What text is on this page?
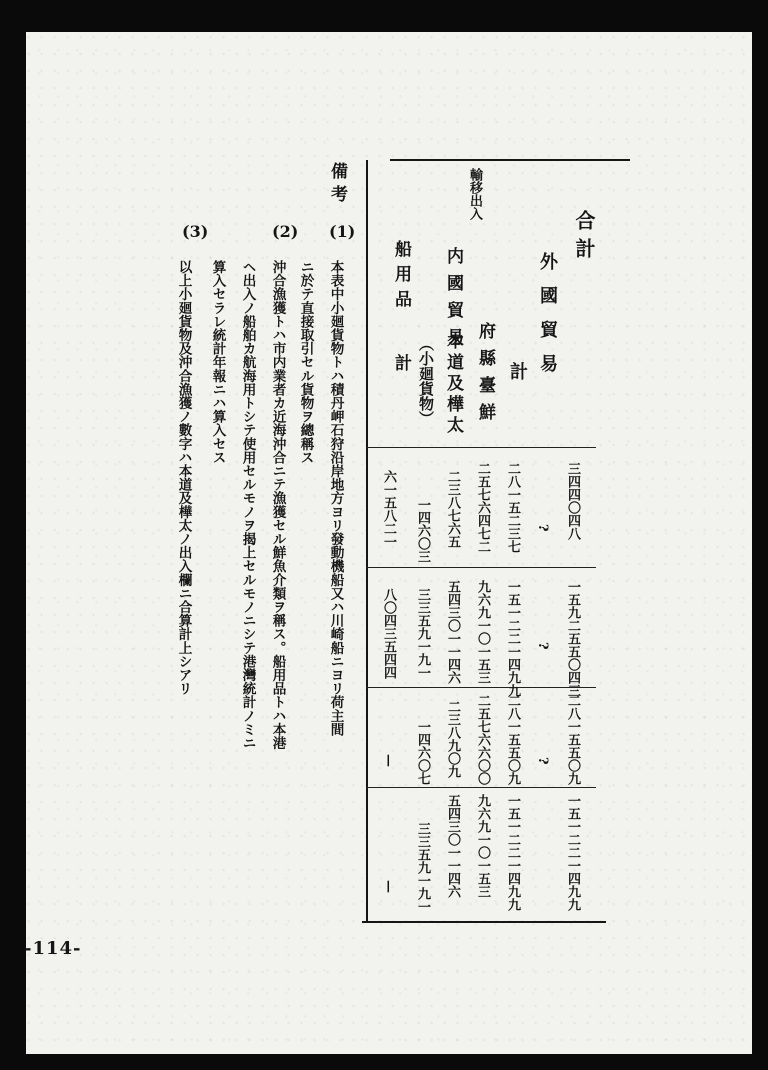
合計
外國貿易
計
輸移出入
内國貿易
府縣臺鮮
本道及樺太
（小廻貨物）
船用品
計
三四四〇四八
?
二八一五二三七
二五七六四七二
二三八七六五
一四六〇三
六一五八二一
一五九二五五〇四三
?
一五一二二一四九九
九六九一〇一五三
五四三〇一一四六
三三五九一九一
八〇四三五四四
二八一五五〇九
?
二八一五五〇九
二五七六六〇〇
二三八九〇九
一四六〇七
—
一五一二二一四九九
一五一二二一四九九
九六九一〇一五三
五四三〇一一四六
三三五九一九一
—
備考
(1)
本表中小廻貨物トハ積丹岬石狩沿岸地方ヨリ發動機船又ハ川崎船ニヨリ荷主間
ニ於テ直接取引セル貨物ヲ總稱ス
(2)
沖合漁獲トハ市内業者カ近海沖合ニテ漁獲セル鮮魚介類ヲ稱ス。船用品トハ本港
ヘ出入ノ船舶カ航海用トシテ使用セルモノヲ揭上セルモノニシテ港灣統計ノミニ
算入セラレ統計年報ニハ算入セス
(3)
以上小廻貨物及沖合漁獲ノ數字ハ本道及樺太ノ出入欄ニ合算計上シアリ
-114-
